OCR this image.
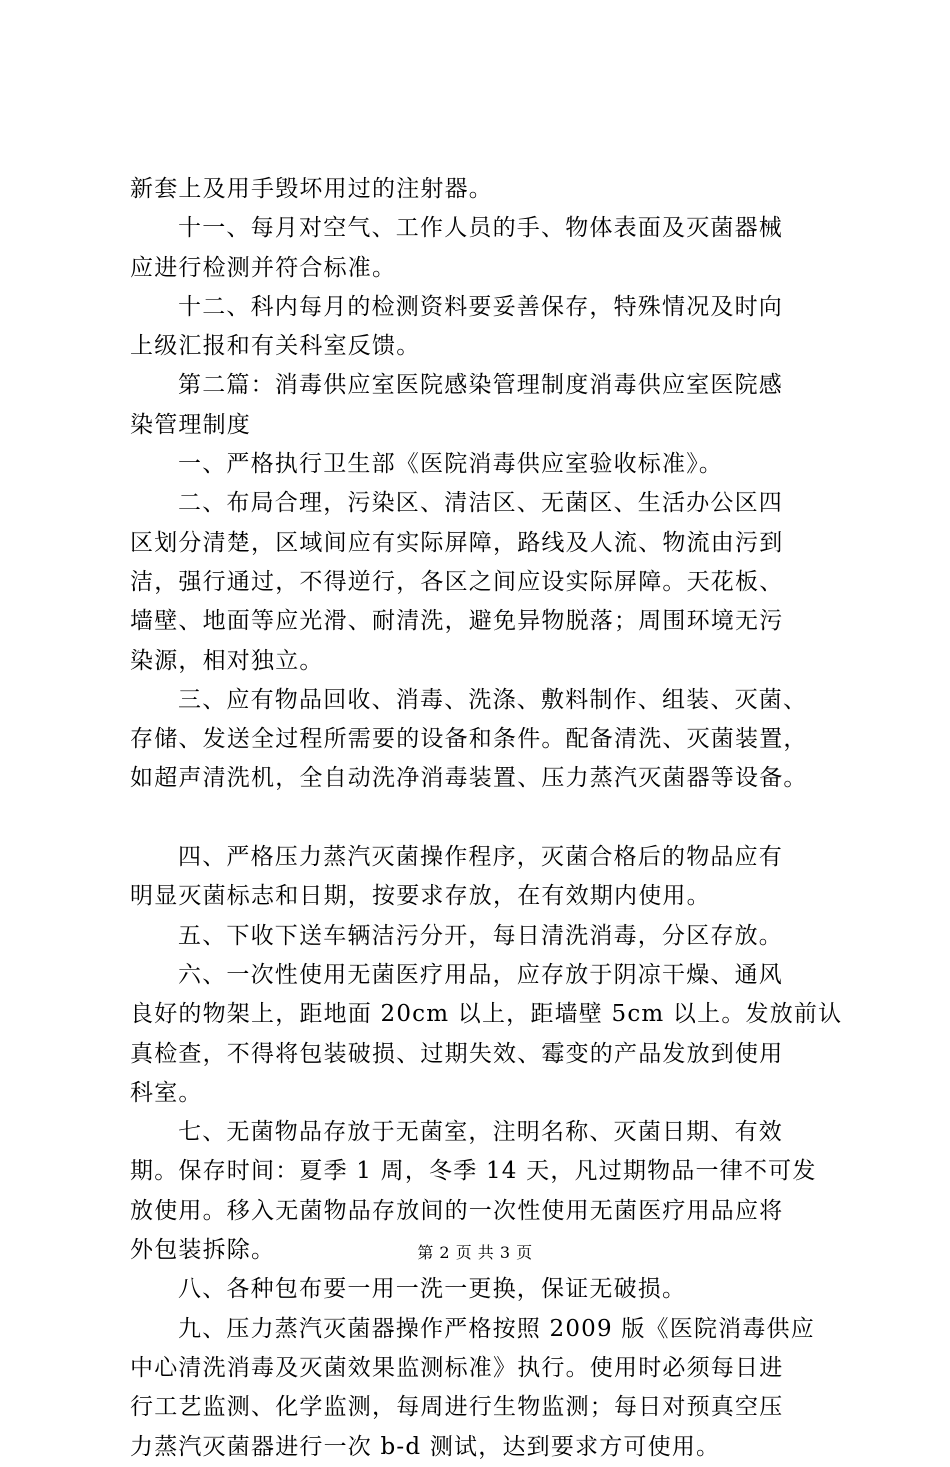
新套上及用手毁坏用过的注射器。
十一、每月对空气、工作人员的手、物体表面及灭菌器械
应进行检测并符合标准。
十二、科内每月的检测资料要妥善保存，特殊情况及时向
上级汇报和有关科室反馈。
第二篇：消毒供应室医院感染管理制度消毒供应室医院感
染管理制度
一、严格执行卫生部《医院消毒供应室验收标准》。
二、布局合理，污染区、清洁区、无菌区、生活办公区四
区划分清楚，区域间应有实际屏障，路线及人流、物流由污到
洁，强行通过，不得逆行，各区之间应设实际屏障。天花板、
墙壁、地面等应光滑、耐清洗，避免异物脱落；周围环境无污
染源，相对独立。
三、应有物品回收、消毒、洗涤、敷料制作、组装、灭菌、
存储、发送全过程所需要的设备和条件。配备清洗、灭菌装置，
如超声清洗机，全自动洗净消毒装置、压力蒸汽灭菌器等设备。
四、严格压力蒸汽灭菌操作程序，灭菌合格后的物品应有
明显灭菌标志和日期，按要求存放，在有效期内使用。
五、下收下送车辆洁污分开，每日清洗消毒，分区存放。
六、一次性使用无菌医疗用品，应存放于阴凉干燥、通风
良好的物架上，距地面 20cm 以上，距墙壁 5cm 以上。发放前认
真检查，不得将包装破损、过期失效、霉变的产品发放到使用
科室。
七、无菌物品存放于无菌室，注明名称、灭菌日期、有效
期。保存时间：夏季 1 周，冬季 14 天，凡过期物品一律不可发
放使用。移入无菌物品存放间的一次性使用无菌医疗用品应将
外包装拆除。
八、各种包布要一用一洗一更换，保证无破损。
九、压力蒸汽灭菌器操作严格按照 2009 版《医院消毒供应
中心清洗消毒及灭菌效果监测标准》执行。使用时必须每日进
行工艺监测、化学监测，每周进行生物监测；每日对预真空压
力蒸汽灭菌器进行一次 b-d 测试，达到要求方可使用。
第 2 页 共 3 页
